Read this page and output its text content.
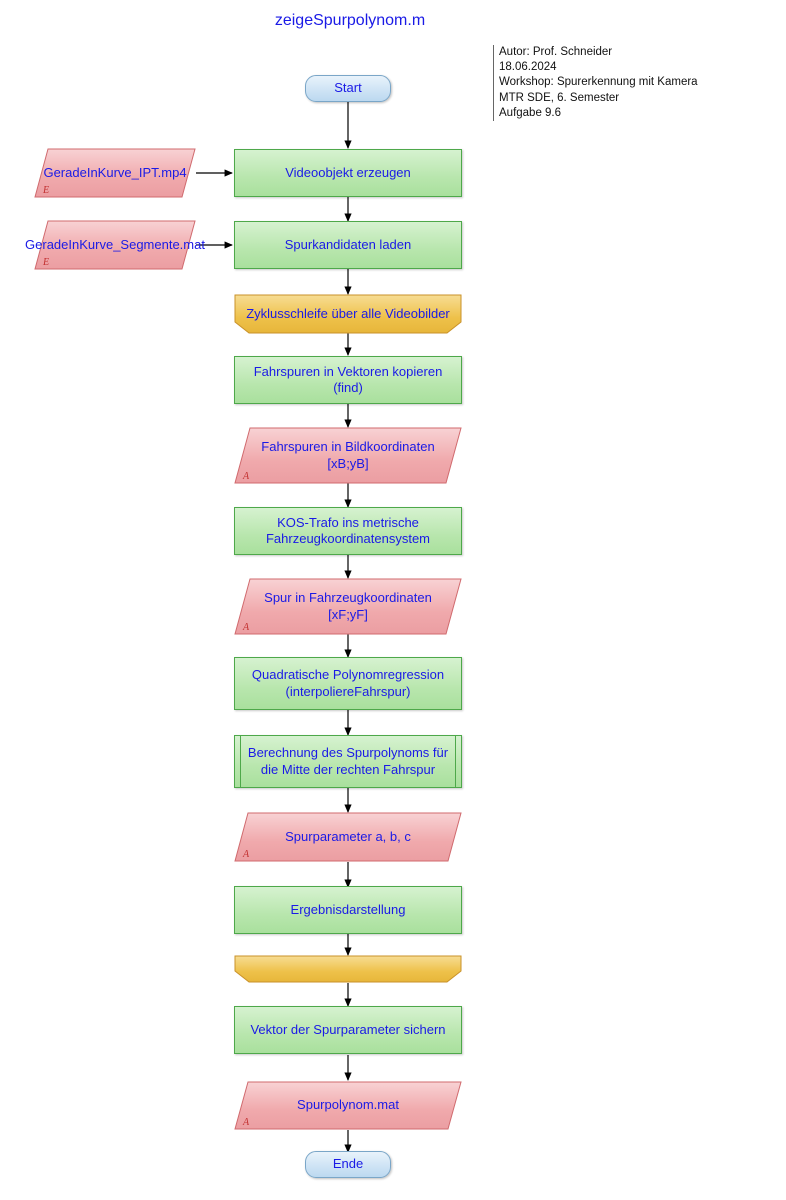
zeigeSpurpolynom.m
Autor: Prof. Schneider
18.06.2024
Workshop: Spurerkennung mit Kamera
MTR SDE, 6. Semester
Aufgabe 9.6
Start
GeradeInKurve_IPT.mp4
E
GeradeInKurve_Segmente.mat
E
Videoobjekt erzeugen
Spurkandidaten laden
Zyklusschleife über alle Videobilder
Fahrspuren in Vektoren kopieren (find)
Fahrspuren in Bildkoordinaten [xB;yB]
A
KOS-Trafo ins metrische Fahrzeugkoordinatensystem
Spur in Fahrzeugkoordinaten [xF;yF]
A
Quadratische Polynomregression (interpoliereFahrspur)
Berechnung des Spurpolynoms für die Mitte der rechten Fahrspur
Spurparameter a, b, c
A
Ergebnisdarstellung
Vektor der Spurparameter sichern
Spurpolynom.mat
A
Ende
